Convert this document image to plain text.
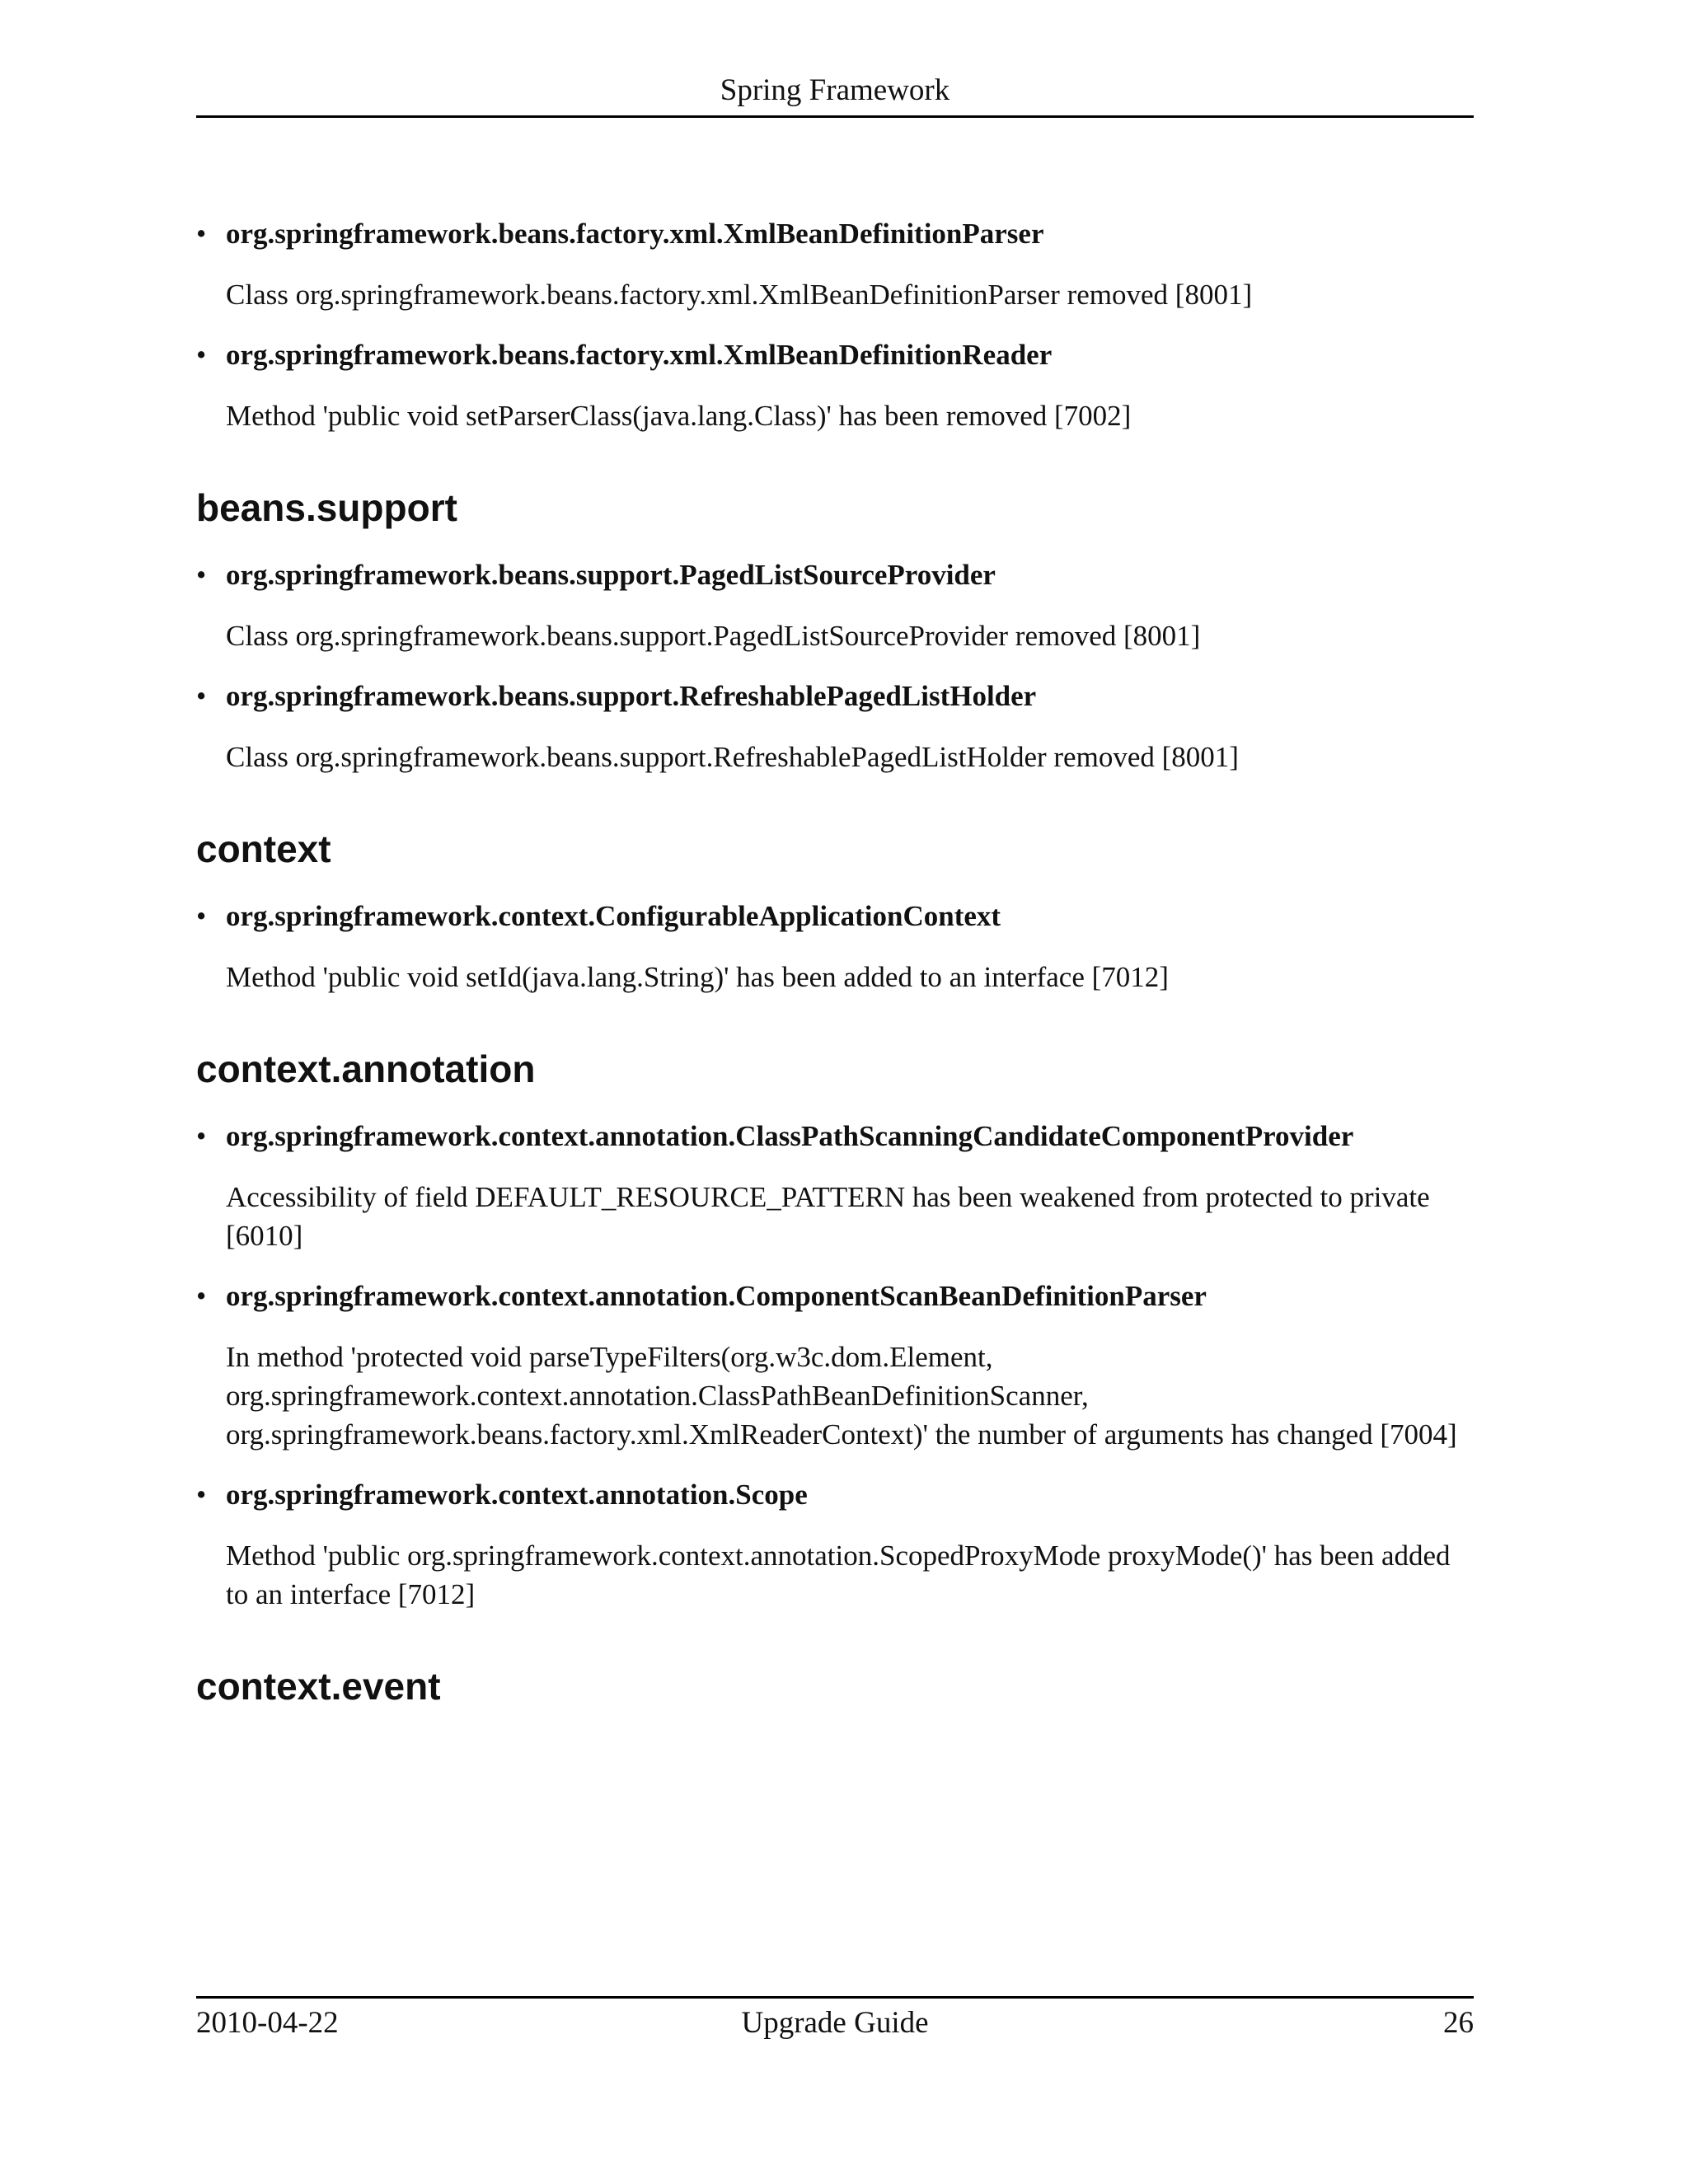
Spring Framework
• org.springframework.beans.factory.xml.XmlBeanDefinitionParser
Class org.springframework.beans.factory.xml.XmlBeanDefinitionParser removed [8001]
• org.springframework.beans.factory.xml.XmlBeanDefinitionReader
Method 'public void setParserClass(java.lang.Class)' has been removed [7002]
beans.support
• org.springframework.beans.support.PagedListSourceProvider
Class org.springframework.beans.support.PagedListSourceProvider removed [8001]
• org.springframework.beans.support.RefreshablePagedListHolder
Class org.springframework.beans.support.RefreshablePagedListHolder removed [8001]
context
• org.springframework.context.ConfigurableApplicationContext
Method 'public void setId(java.lang.String)' has been added to an interface [7012]
context.annotation
• org.springframework.context.annotation.ClassPathScanningCandidateComponentProvider
Accessibility of field DEFAULT_RESOURCE_PATTERN has been weakened from protected to private [6010]
• org.springframework.context.annotation.ComponentScanBeanDefinitionParser
In method 'protected void parseTypeFilters(org.w3c.dom.Element, org.springframework.context.annotation.ClassPathBeanDefinitionScanner, org.springframework.beans.factory.xml.XmlReaderContext)' the number of arguments has changed [7004]
• org.springframework.context.annotation.Scope
Method 'public org.springframework.context.annotation.ScopedProxyMode proxyMode()' has been added to an interface [7012]
context.event
2010-04-22	Upgrade Guide	26
